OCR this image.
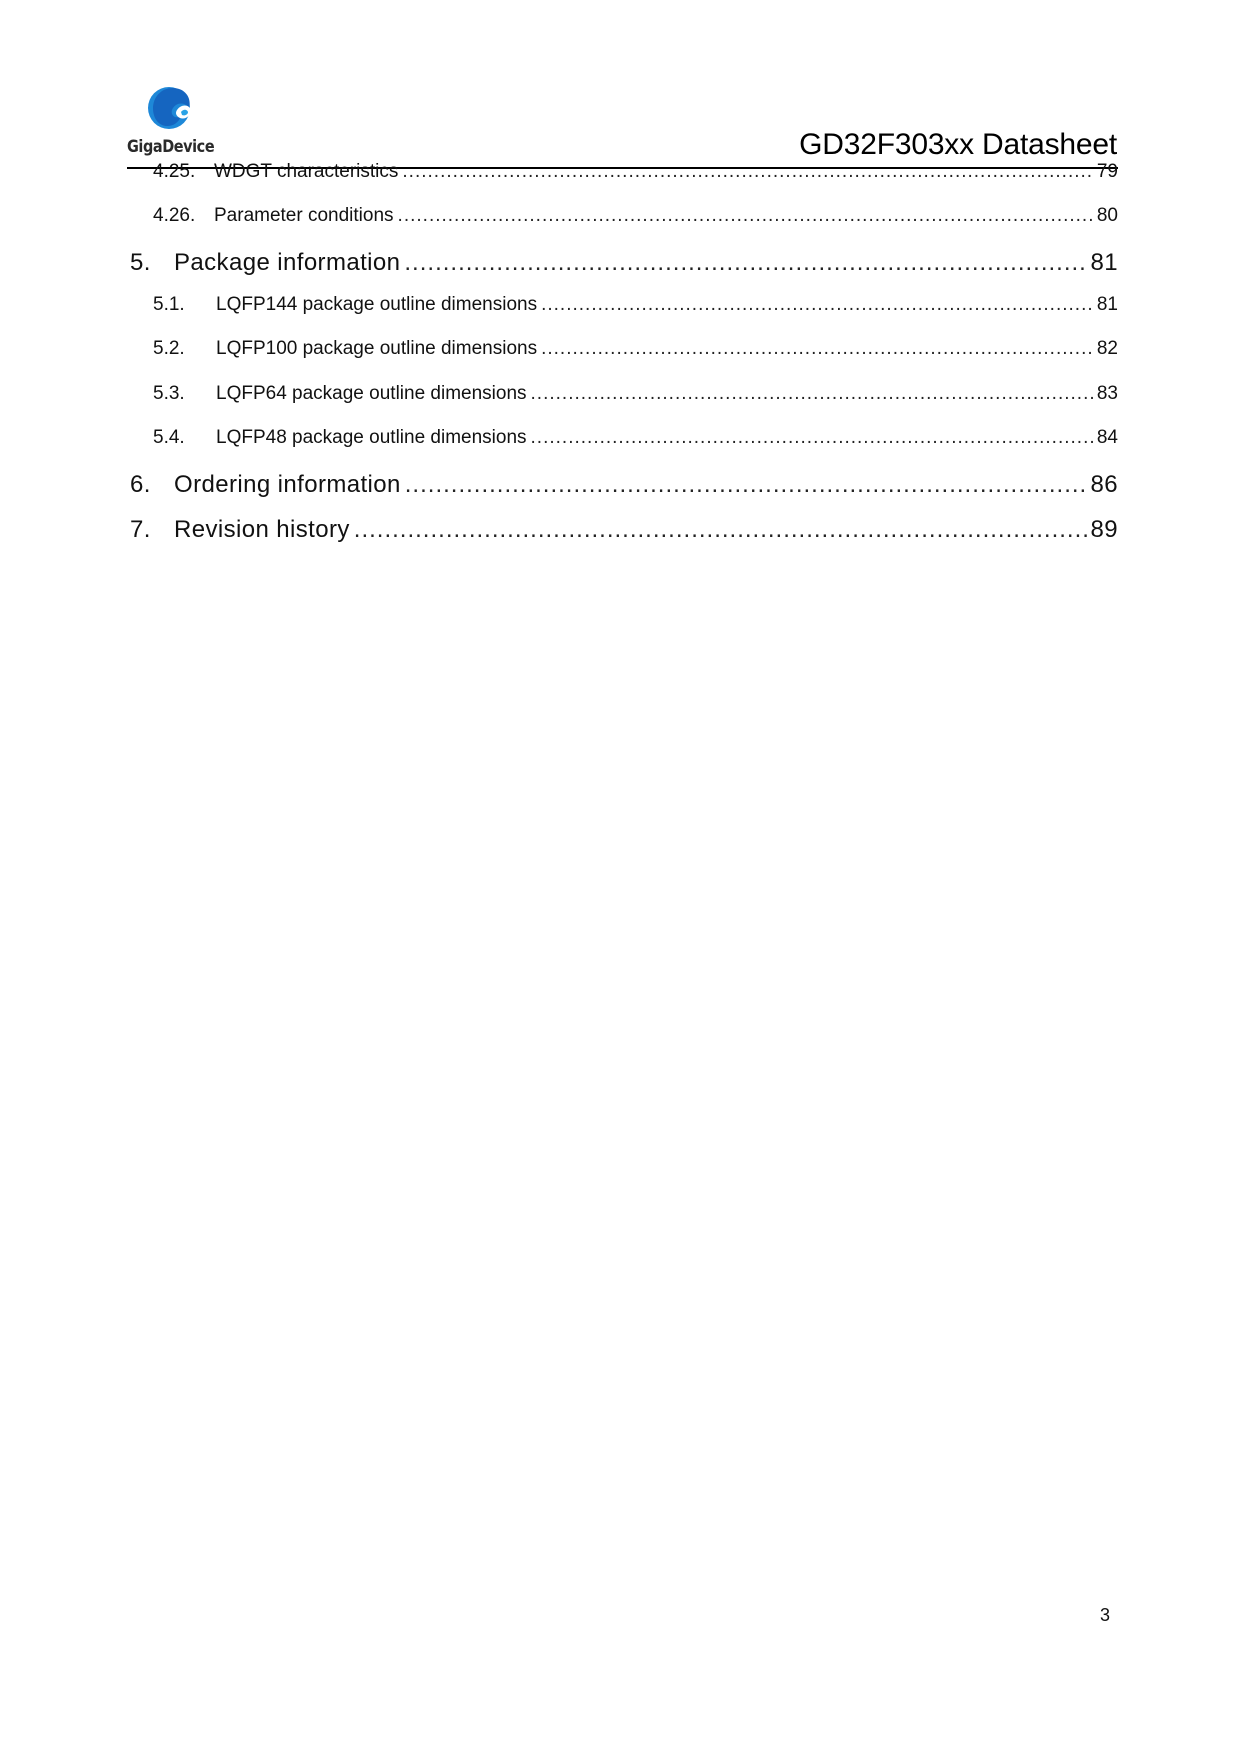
GigaDevice	GD32F303xx Datasheet
4.25. WDGT characteristics .....	79
4.26. Parameter conditions .....	80
5. Package information .....	81
5.1. LQFP144 package outline dimensions .....	81
5.2. LQFP100 package outline dimensions .....	82
5.3. LQFP64 package outline dimensions .....	83
5.4. LQFP48 package outline dimensions .....	84
6. Ordering information .....	86
7. Revision history .....	89
3
